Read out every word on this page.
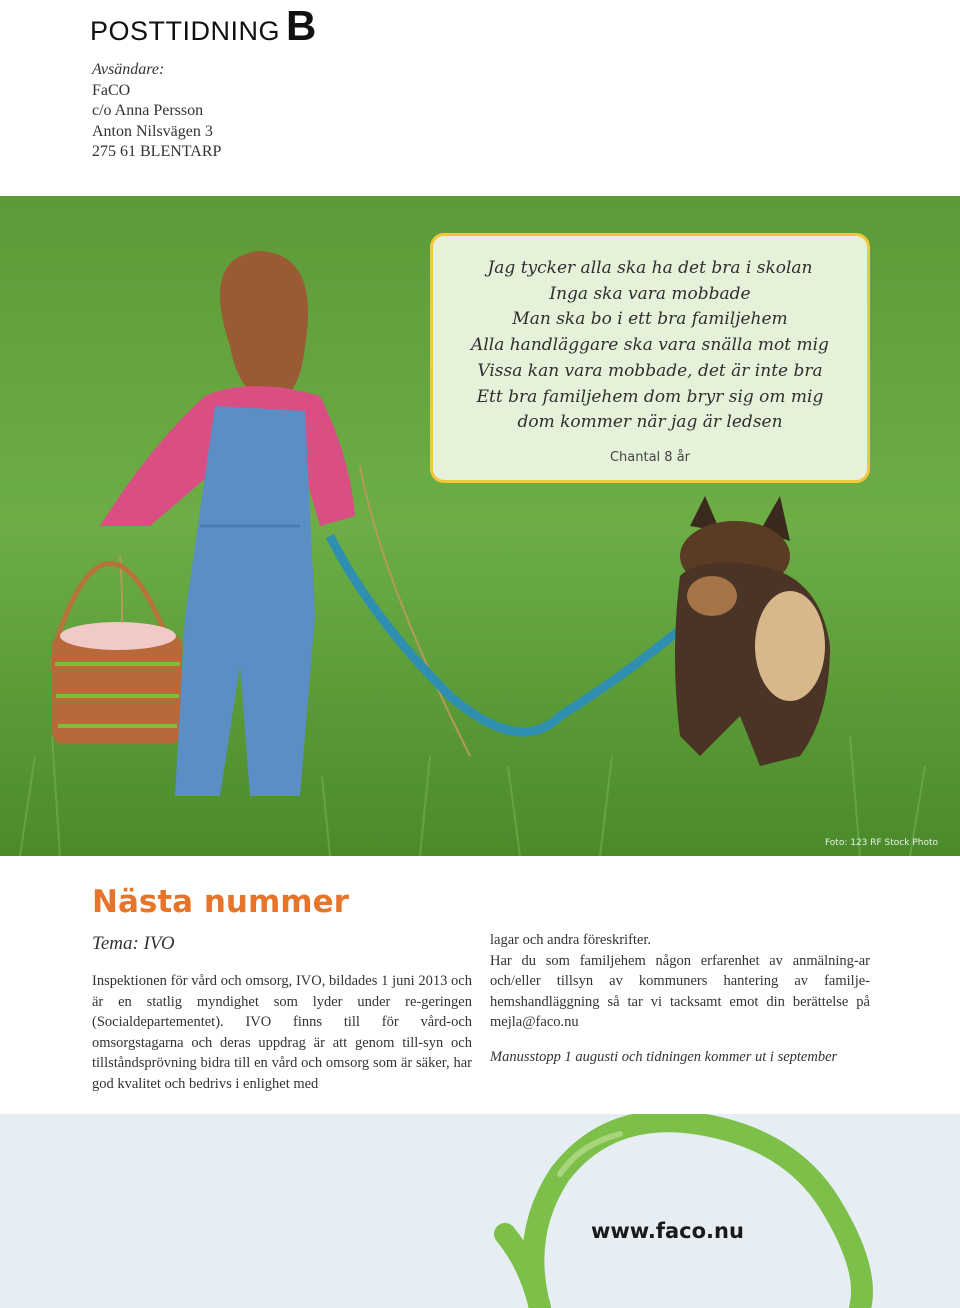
POSTTIDNING B
Avsändare:
FaCO
c/o Anna Persson
Anton Nilsvägen 3
275 61 BLENTARP
Foto: 123 RF Stock Photo
Jag tycker alla ska ha det bra i skolan
Inga ska vara mobbade
Man ska bo i ett bra familjehem
Alla handläggare ska vara snälla mot mig
Vissa kan vara mobbade, det är inte bra
Ett bra familjehem dom bryr sig om mig
dom kommer när jag är ledsen
Chantal 8 år
Nästa nummer
Tema: IVO
Inspektionen för vård och omsorg, IVO, bildades 1 juni 2013 och är en statlig myndighet som lyder under re-geringen (Socialdepartementet). IVO finns till för vård-och omsorgstagarna och deras uppdrag är att genom till-syn och tillståndsprövning bidra till en vård och omsorg som är säker, har god kvalitet och bedrivs i enlighet med

lagar och andra föreskrifter.

Har du som familjehem någon erfarenhet av anmälning-ar och/eller tillsyn av kommuners hantering av familje-hemshandläggning så tar vi tacksamt emot din berättelse på mejla@faco.nu

Manusstopp 1 augusti och tidningen kommer ut i september

www.faco.nu
